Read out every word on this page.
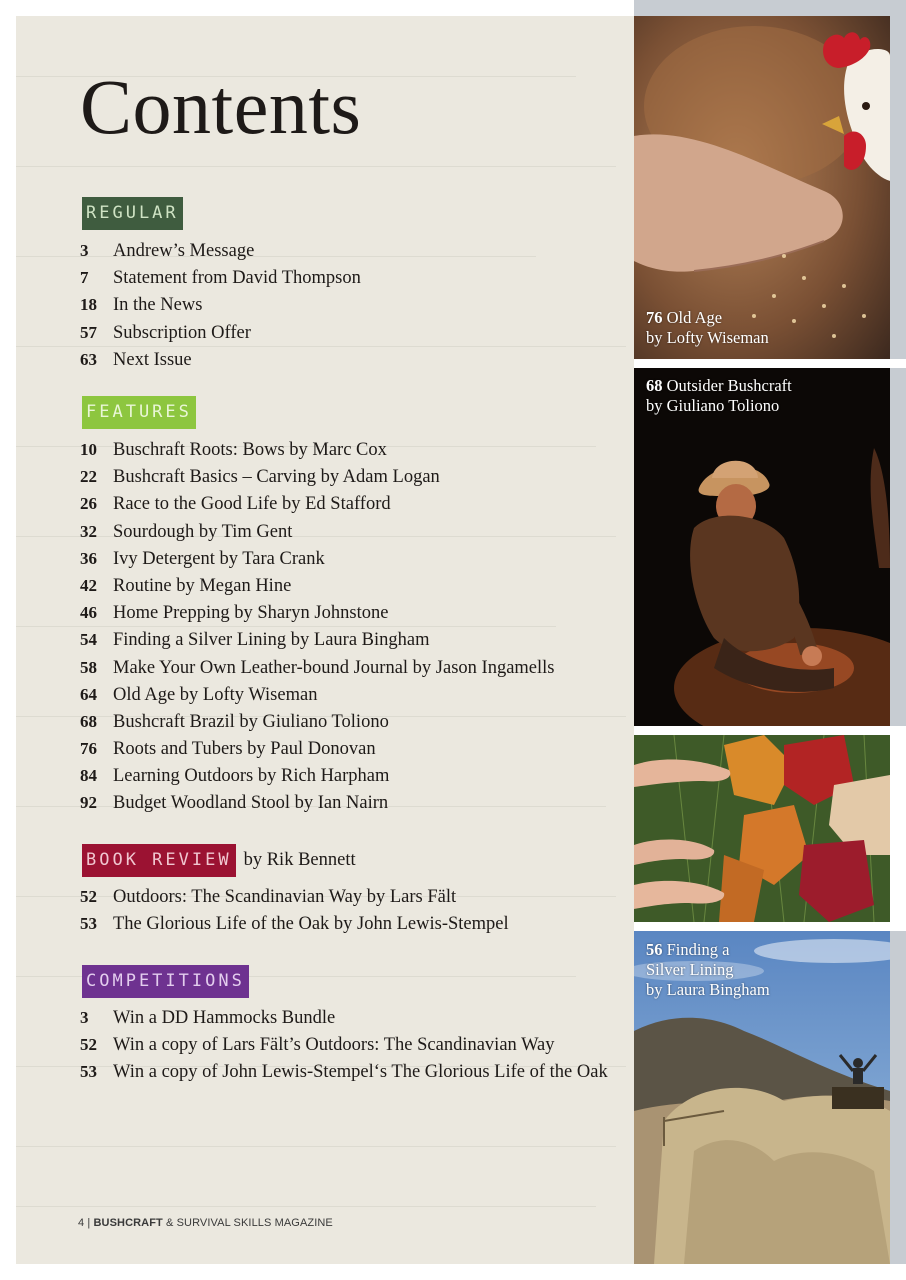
Contents
REGULAR
3 Andrew’s Message
7 Statement from David Thompson
18 In the News
57 Subscription Offer
63 Next Issue
FEATURES
10 Buschraft Roots: Bows by Marc Cox
22 Bushcraft Basics – Carving by Adam Logan
26 Race to the Good Life by Ed Stafford
32 Sourdough by Tim Gent
36 Ivy Detergent by Tara Crank
42 Routine by Megan Hine
46 Home Prepping by Sharyn Johnstone
54 Finding a Silver Lining by Laura Bingham
58 Make Your Own Leather-bound Journal by Jason Ingamells
64 Old Age by Lofty Wiseman
68 Bushcraft Brazil by Giuliano Toliono
76 Roots and Tubers by Paul Donovan
84 Learning Outdoors by Rich Harpham
92 Budget Woodland Stool by Ian Nairn
BOOK REVIEW by Rik Bennett
52 Outdoors: The Scandinavian Way by Lars Fält
53 The Glorious Life of the Oak by John Lewis-Stempel
COMPETITIONS
3 Win a DD Hammocks Bundle
52 Win a copy of Lars Fält’s Outdoors: The Scandinavian Way
53 Win a copy of John Lewis-Stempel‘s The Glorious Life of the Oak
4 | BUSHCRAFT & SURVIVAL SKILLS MAGAZINE
76 Old Age
by Lofty Wiseman
68 Outsider Bushcraft
by Giuliano Toliono
56 Finding a
Silver Lining
by Laura Bingham
